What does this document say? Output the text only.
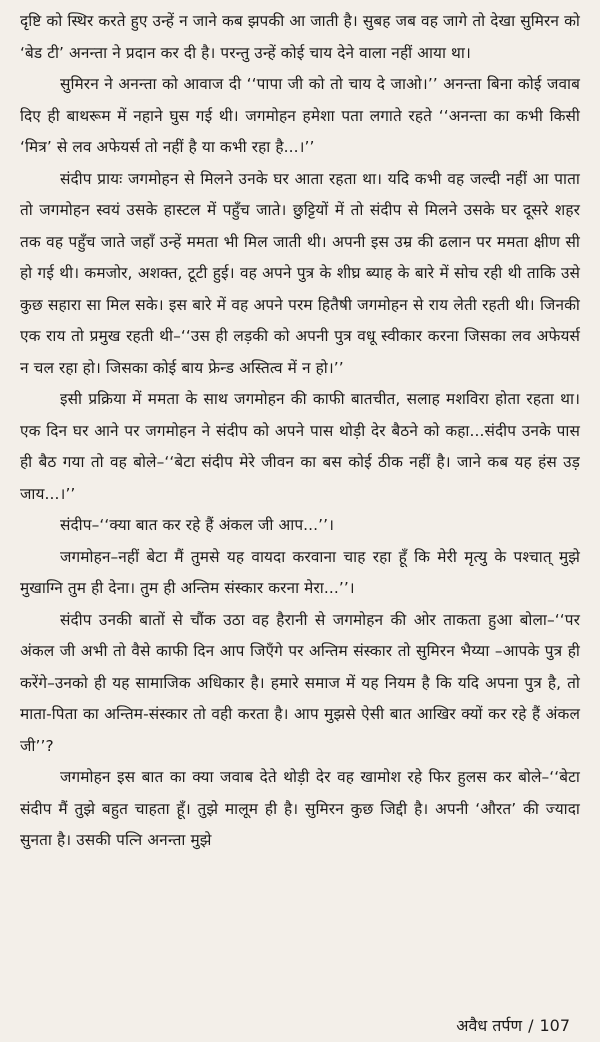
दृष्टि को स्थिर करते हुए उन्हें न जाने कब झपकी आ जाती है। सुबह जब वह जागे तो देखा सुमिरन को ‘बेड टी’ अनन्ता ने प्रदान कर दी है। परन्तु उन्हें कोई चाय देने वाला नहीं आया था।

सुमिरन ने अनन्ता को आवाज दी ‘‘पापा जी को तो चाय दे जाओ।’’ अनन्ता बिना कोई जवाब दिए ही बाथरूम में नहाने घुस गई थी। जगमोहन हमेशा पता लगाते रहते ‘‘अनन्ता का कभी किसी ‘मित्र’ से लव अफेयर्स तो नहीं है या कभी रहा है...।’’

संदीप प्रायः जगमोहन से मिलने उनके घर आता रहता था। यदि कभी वह जल्दी नहीं आ पाता तो जगमोहन स्वयं उसके हास्टल में पहुँच जाते। छुट्टियों में तो संदीप से मिलने उसके घर दूसरे शहर तक वह पहुँच जाते जहाँ उन्हें ममता भी मिल जाती थी। अपनी इस उम्र की ढलान पर ममता क्षीण सी हो गई थी। कमजोर, अशक्त, टूटी हुई। वह अपने पुत्र के शीघ्र ब्याह के बारे में सोच रही थी ताकि उसे कुछ सहारा सा मिल सके। इस बारे में वह अपने परम हितैषी जगमोहन से राय लेती रहती थी। जिनकी एक राय तो प्रमुख रहती थी–‘‘उस ही लड़की को अपनी पुत्र वधू स्वीकार करना जिसका लव अफेयर्स न चल रहा हो। जिसका कोई बाय फ्रेन्ड अस्तित्व में न हो।’’

इसी प्रक्रिया में ममता के साथ जगमोहन की काफी बातचीत, सलाह मशविरा होता रहता था। एक दिन घर आने पर जगमोहन ने संदीप को अपने पास थोड़ी देर बैठने को कहा...संदीप उनके पास ही बैठ गया तो वह बोले–‘‘बेटा संदीप मेरे जीवन का बस कोई ठीक नहीं है। जाने कब यह हंस उड़ जाय...।’’

संदीप–‘‘क्या बात कर रहे हैं अंकल जी आप...’’।

जगमोहन–नहीं बेटा मैं तुमसे यह वायदा करवाना चाह रहा हूँ कि मेरी मृत्यु के पश्चात् मुझे मुखाग्नि तुम ही देना। तुम ही अन्तिम संस्कार करना मेरा...’’।

संदीप उनकी बातों से चौंक उठा वह हैरानी से जगमोहन की ओर ताकता हुआ बोला–‘‘पर अंकल जी अभी तो वैसे काफी दिन आप जिएँगे पर अन्तिम संस्कार तो सुमिरन भैय्या –आपके पुत्र ही करेंगे–उनको ही यह सामाजिक अधिकार है। हमारे समाज में यह नियम है कि यदि अपना पुत्र है, तो माता-पिता का अन्तिम-संस्कार तो वही करता है। आप मुझसे ऐसी बात आखिर क्यों कर रहे हैं अंकल जी’’?

जगमोहन इस बात का क्या जवाब देते थोड़ी देर वह खामोश रहे फिर हुलस कर बोले–‘‘बेटा संदीप मैं तुझे बहुत चाहता हूँ। तुझे मालूम ही है। सुमिरन कुछ जिद्दी है। अपनी ‘औरत’ की ज्यादा सुनता है। उसकी पत्नि अनन्ता मुझे

अवैध तर्पण / 107
